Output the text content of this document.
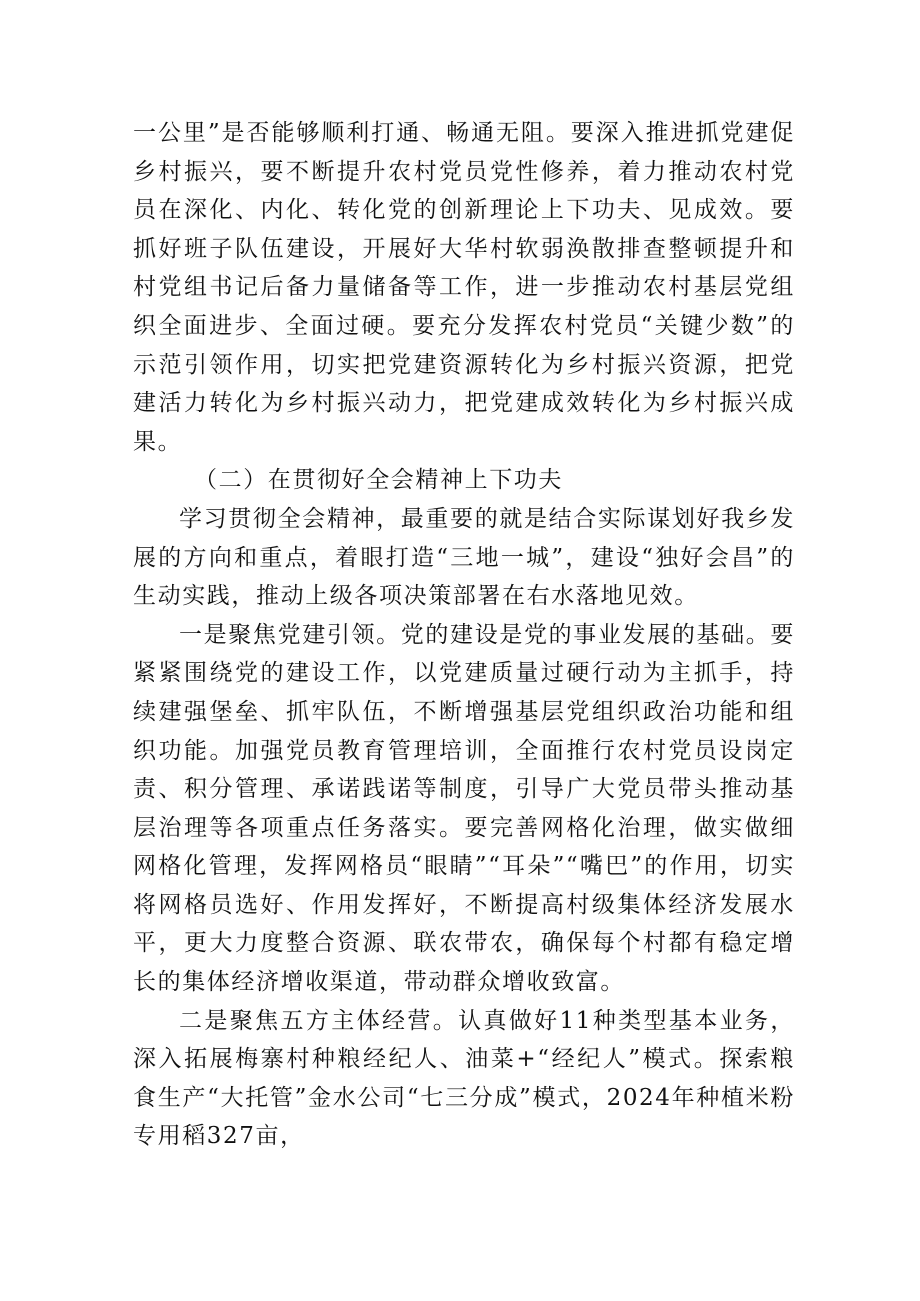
一公里”是否能够顺利打通、畅通无阻。要深入推进抓党建促乡村振兴，要不断提升农村党员党性修养，着力推动农村党员在深化、内化、转化党的创新理论上下功夫、见成效。要抓好班子队伍建设，开展好大华村软弱涣散排查整顿提升和村党组书记后备力量储备等工作，进一步推动农村基层党组织全面进步、全面过硬。要充分发挥农村党员“关键少数”的示范引领作用，切实把党建资源转化为乡村振兴资源，把党建活力转化为乡村振兴动力，把党建成效转化为乡村振兴成果。

（二）在贯彻好全会精神上下功夫

学习贯彻全会精神，最重要的就是结合实际谋划好我乡发展的方向和重点，着眼打造“三地一城”，建设“独好会昌”的生动实践，推动上级各项决策部署在右水落地见效。

一是聚焦党建引领。党的建设是党的事业发展的基础。要紧紧围绕党的建设工作，以党建质量过硬行动为主抓手，持续建强堡垒、抓牢队伍，不断增强基层党组织政治功能和组织功能。加强党员教育管理培训，全面推行农村党员设岗定责、积分管理、承诺践诺等制度，引导广大党员带头推动基层治理等各项重点任务落实。要完善网格化治理，做实做细网格化管理，发挥网格员“眼睛”“耳朵”“嘴巴”的作用，切实将网格员选好、作用发挥好，不断提高村级集体经济发展水平，更大力度整合资源、联农带农，确保每个村都有稳定增长的集体经济增收渠道，带动群众增收致富。

二是聚焦五方主体经营。认真做好11种类型基本业务，深入拓展梅寨村种粮经纪人、油菜+“经纪人”模式。探索粮食生产“大托管”金水公司“七三分成”模式，2024年种植米粉专用稻327亩，
